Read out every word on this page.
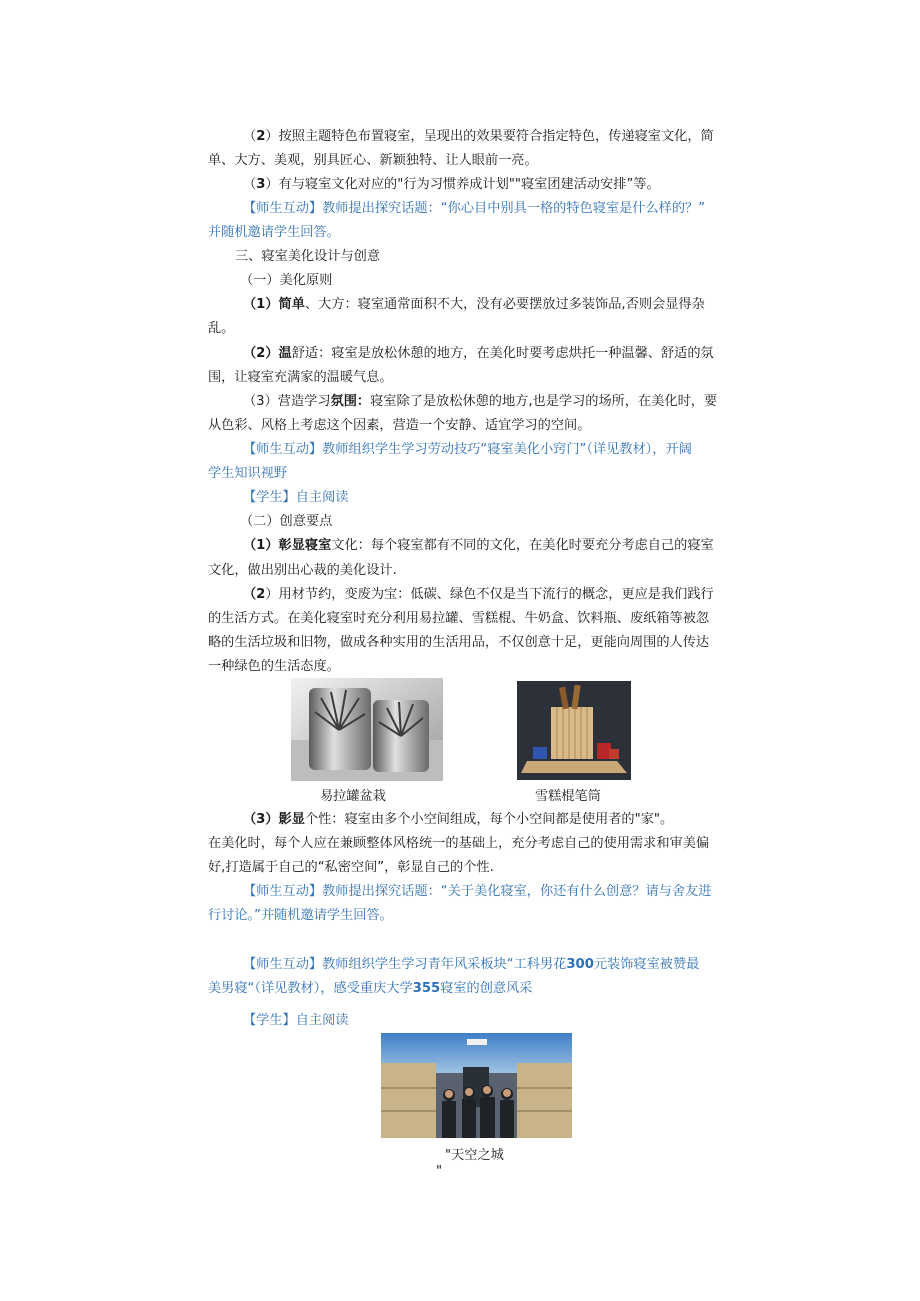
（2）按照主题特色布置寝室，呈现出的效果要符合指定特色，传递寝室文化，简
单、大方、美观，别具匠心、新颖独特、让人眼前一亮。
（3）有与寝室文化对应的"行为习惯养成计划""寝室团建活动安排”等。
【师生互动】教师提出探究话题：“你心目中别具一格的特色寝室是什么样的？”
并随机邀请学生回答。
三、寝室美化设计与创意
（一）美化原则
（1）简单、大方：寝室通常面积不大，没有必要摆放过多装饰品,否则会显得杂
乱。
（2）温舒适：寝室是放松休憩的地方，在美化时要考虑烘托一种温馨、舒适的氛
围，让寝室充满家的温暖气息。
（3）营造学习氛围：寝室除了是放松休憩的地方,也是学习的场所，在美化时，要
从色彩、风格上考虑这个因素，营造一个安静、适宜学习的空间。
【师生互动】教师组织学生学习劳动技巧“寝室美化小窍门”（详见教材），开阔
学生知识视野
【学生】自主阅读
（二）创意要点
（1）彰显寝室文化：每个寝室都有不同的文化，在美化时要充分考虑自己的寝室
文化，做出别出心裁的美化设计.
（2）用材节约，变废为宝：低碳、绿色不仅是当下流行的概念，更应是我们践行
的生活方式。在美化寝室时充分利用易拉罐、雪糕棍、牛奶盒、饮料瓶、废纸箱等被忽
略的生活垃圾和旧物，做成各种实用的生活用品，不仅创意十足，更能向周围的人传达
一种绿色的生活态度。
易拉罐盆栽	雪糕棍笔筒
（3）影显个性：寝室由多个小空间组成，每个小空间都是使用者的"家"。
在美化时，每个人应在兼顾整体风格统一的基础上，充分考虑自己的使用需求和审美偏
好,打造属于自己的“私密空间”，彰显自己的个性.
【师生互动】教师提出探究话题：“关于美化寝室，你还有什么创意？请与舍友进
行讨论。”并随机邀请学生回答。
【师生互动】教师组织学生学习青年风采板块“工科男花300元装饰寝室被赞最
美男寝“（详见教材），感受重庆大学355寝室的创意风采
【学生】自主阅读
"天空之城
"
